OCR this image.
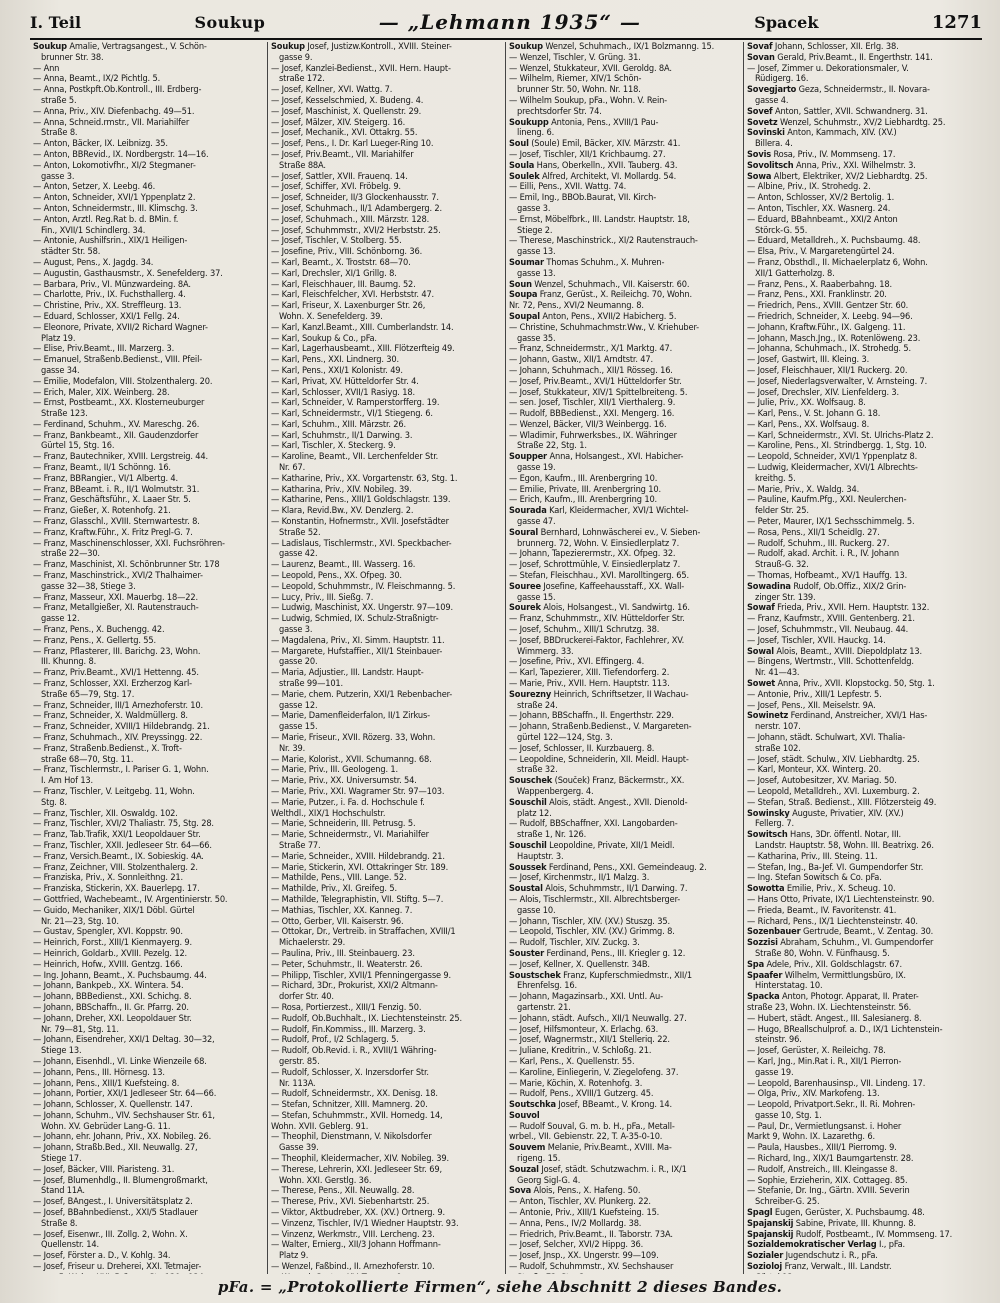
I. Teil	Soukup	— „Lehmann 1935“ —	Spacek	1271
Soukup Amalie, Vertragsangest., V. Schön-
brunner Str. 38.
— Ann
— Anna, Beamt., IX/2 Pichtlg. 5.
— Anna, Postkpft.Ob.Kontroll., III. Erdberg-
straße 5.
— Anna, Priv., XIV. Diefenbachg. 49—51.
— Anna, Schneid.rmstr., VII. Mariahilfer
Straße 8.
— Anton, Bäcker, IX. Leibnizg. 35.
— Anton, BBRevid., IX. Nordbergstr. 14—16.
— Anton, Lokomotivfhr., XI/2 Stegmaner-
gasse 3.
— Anton, Setzer, X. Leebg. 46.
— Anton, Schneider, XVI/1 Yppenplatz 2.
— Anton, Schneidermstr., III. Klimschg. 3.
— Anton, Arztl. Reg.Rat b. d. BMin. f.
Fin., XVII/1 Schindlerg. 34.
— Antonie, Aushilfsrin., XIX/1 Heiligen-
städter Str. 58.
— August, Pens., X. Jagdg. 34.
— Augustin, Gasthausmstr., X. Senefelderg. 37.
— Barbara, Priv., VI. Münzwardeing. 8A.
— Charlotte, Priv., IX. Fuchsthallerg. 4.
— Christine, Priv., XX. Streffleurg. 13.
— Eduard, Schlosser, XXI/1 Fellg. 24.
— Eleonore, Private, XVII/2 Richard Wagner-
Platz 19.
— Elise, Priv.Beamt., III. Marzerg. 3.
— Emanuel, Straßenb.Bedienst., VIII. Pfeil-
gasse 34.
— Emilie, Modefalon, VIII. Stolzenthalerg. 20.
— Erich, Maler, XIX. Weinberg. 28.
— Ernst, Postbeamt., XX. Klosterneuburger
Straße 123.
— Ferdinand, Schuhm., XV. Mareschg. 26.
— Franz, Bankbeamt., XII. Gaudenzdorfer
Gürtel 15, Stg. 16.
— Franz, Bautechniker, XVIII. Lergstreig. 44.
— Franz, Beamt., II/1 Schönng. 16.
— Franz, BBRangier., VI/1 Albertg. 4.
— Franz, BBeamt. i. R., II/1 Wolmutstr. 31.
— Franz, Geschäftsführ., X. Laaer Str. 5.
— Franz, Gießer, X. Rotenhofg. 21.
— Franz, Glasschl., XVIII. Sternwartestr. 8.
— Franz, Kraftw.Führ., X. Fritz Pregl-G. 7.
— Franz, Maschinenschlosser, XXI. Fuchsröhren-
straße 22—30.
— Franz, Maschinist, XI. Schönbrunner Str. 178
— Franz, Maschinstrick., XVI/2 Thalhaimer-
gasse 32—38, Stiege 3.
— Franz, Masseur, XXI. Mauerbg. 18—22.
— Franz, Metallgießer, XI. Rautenstrauch-
gasse 12.
— Franz, Pens., X. Buchengg. 42.
— Franz, Pens., X. Gellertg. 55.
— Franz, Pflasterer, III. Barichg. 23, Wohn.
III. Khunng. 8.
— Franz, Priv.Beamt., XVI/1 Hettenng. 45.
— Franz, Schlosser, XXI. Erzherzog Karl-
Straße 65—79, Stg. 17.
— Franz, Schneider, III/1 Arnezhoferstr. 10.
— Franz, Schneider, X. Waldmüllerg. 8.
— Franz, Schneider, XVIII/1 Hildebrandg. 21.
— Franz, Schuhmach., XIV. Preyssingg. 22.
— Franz, Straßenb.Bedienst., X. Troft-
straße 68—70, Stg. 11.
— Franz, Tischlermstr., I. Pariser G. 1, Wohn.
I. Am Hof 13.
— Franz, Tischler, V. Leitgebg. 11, Wohn.
Stg. 8.
— Franz, Tischler, XII. Oswaldg. 102.
— Franz, Tischler, XVI/2 Thaliastr. 75, Stg. 28.
— Franz, Tab.Trafik, XXI/1 Leopoldauer Str.
— Franz, Tischler, XXII. Jedleseer Str. 64—66.
— Franz, Versich.Beamt., IX. Sobieskig. 4A.
— Franz, Zeichner, VIII. Stolzenthalerg. 2.
— Franziska, Priv., X. Sonnleithng. 21.
— Franziska, Stickerin, XX. Bauerlepg. 17.
— Gottfried, Wachebeamt., IV. Argentinierstr. 50.
— Guido, Mechaniker, XIX/1 Döbl. Gürtel
Nr. 21—23, Stg. 10.
— Gustav, Spengler, XVI. Koppstr. 90.
— Heinrich, Forst., XIII/1 Kienmayerg. 9.
— Heinrich, Goldarb., XVIII. Pezelg. 12.
— Heinrich, Hofw., XVIII. Gentzg. 166.
— Ing. Johann, Beamt., X. Puchsbaumg. 44.
— Johann, Bankpeb., XX. Wintera. 54.
— Johann, BBBedienst., XXI. Schichg. 8.
— Johann, BBSchaffn., II. Gr. Pfarrg. 20.
— Johann, Dreher, XXI. Leopoldauer Str.
Nr. 79—81, Stg. 11.
— Johann, Eisendreher, XXI/1 Deltag. 30—32,
Stiege 13.
— Johann, Eisenhdl., VI. Linke Wienzeile 68.
— Johann, Pens., III. Hörnesg. 13.
— Johann, Pens., XIII/1 Kuefsteing. 8.
— Johann, Portier, XXI/1 Jedleseer Str. 64—66.
— Johann, Schlosser, X. Quellenstr. 147.
— Johann, Schuhm., VIV. Sechshauser Str. 61,
Wohn. XV. Gebrüder Lang-G. 11.
— Johann, ehr. Johann, Priv., XX. Nobileg. 26.
— Johann, Straßb.Bed., XII. Neuwallg. 27,
Stiege 17.
— Josef, Bäcker, VIII. Piaristeng. 31.
— Josef, Blumenhdlg., II. Blumengroßmarkt,
Stand 11A.
— Josef, BAngest., I. Universitätsplatz 2.
— Josef, BBahnbedienst., XXI/5 Stadlauer
Straße 8.
— Josef, Eisenwr., III. Zollg. 2, Wohn. X.
Quellenstr. 14.
— Josef, Förster a. D., V. Kohlg. 34.
— Josef, Friseur u. Dreherei, XXI. Tetmajer-
Soukup Josef, Justizw.Kontroll., XVIII. Steiner-
gasse 9.
— Josef, Kanzlei-Bedienst., XVII. Hern. Haupt-
straße 172.
— Josef, Kellner, XVI. Wattg. 7.
— Josef, Kesselschmied, X. Budeng. 4.
— Josef, Maschinist, X. Quellenstr. 29.
— Josef, Mälzer, XIV. Steigerg. 16.
— Josef, Mechanik., XVI. Ottakrg. 55.
— Josef, Pens., I. Dr. Karl Lueger-Ring 10.
— Josef, Priv.Beamt., VII. Mariahilfer
Straße 88A.
— Josef, Sattler, XVII. Frauenq. 14.
— Josef, Schiffer, XVI. Fröbelg. 9.
— Josef, Schneider, II/3 Glockenhausstr. 7.
— Josef, Schuhmach., II/1 Adambergerg. 2.
— Josef, Schuhmach., XIII. Märzstr. 128.
— Josef, Schuhmmstr., XVI/2 Herbststr. 25.
— Josef, Tischler, V. Stolberg. 55.
— Josefine, Priv., VIII. Schönborng. 36.
— Karl, Beamt., X. Troststr. 68—70.
— Karl, Drechsler, XI/1 Grillg. 8.
— Karl, Fleischhauer, III. Baumg. 52.
— Karl, Fleischfelcher, XVI. Herbststr. 47.
— Karl, Friseur, X. Laxenburger Str. 26,
Wohn. X. Senefelderg. 39.
— Karl, Kanzl.Beamt., XIII. Cumberlandstr. 14.
— Karl, Soukup & Co., pFa.
— Karl, Lagerhausbeamt., XIII. Flötzerfteig 49.
— Karl, Pens., XXI. Lindnerg. 30.
— Karl, Pens., XXI/1 Kolonistr. 49.
— Karl, Privat, XV. Hütteldorfer Str. 4.
— Karl, Schlosser, XVII/1 Rasiyg. 18.
— Karl, Schneider, V. Ramperstorfferg. 19.
— Karl, Schneidermstr., VI/1 Stiegeng. 6.
— Karl, Schuhm., XIII. Märzstr. 26.
— Karl, Schuhmstr., II/1 Darwing. 3.
— Karl, Tischler, X. Steckerg. 9.
— Karoline, Beamt., VII. Lerchenfelder Str.
Nr. 67.
— Katharine, Priv., XX. Vorgartenstr. 63, Stg. 1.
— Katharina, Priv., XIV. Nobileg. 39.
— Katharine, Pens., XIII/1 Goldschlagstr. 139.
— Klara, Revid.Bw., XV. Denzlerg. 2.
— Konstantin, Hofnermstr., XVII. Josefstädter
Straße 52.
— Ladislaus, Tischlermstr., XVI. Speckbacher-
gasse 42.
— Laurenz, Beamt., III. Wasserg. 16.
— Leopold, Pens., XX. Ofpeg. 30.
— Leopold, Schuhmmstr., IV. Fleischmanng. 5.
— Lucy, Priv., III. Sießg. 7.
— Ludwig, Maschinist, XX. Ungerstr. 97—109.
— Ludwig, Schmied, IX. Schulz-Straßnigtr-
gasse 3.
— Magdalena, Priv., XI. Simm. Hauptstr. 11.
— Margarete, Hufstaffier., XII/1 Steinbauer-
gasse 20.
— Maria, Adjustier., III. Landstr. Haupt-
straße 99—101.
— Marie, chem. Putzerin, XXI/1 Rebenbacher-
gasse 12.
— Marie, Damenfleiderfalon, II/1 Zirkus-
gasse 15.
— Marie, Friseur., XVII. Rözerg. 33, Wohn.
Nr. 39.
— Marie, Kolorist., XVII. Schumanng. 68.
— Marie, Priv., III. Geologeng. 1.
— Marie, Priv., XX. Universumstr. 54.
— Marie, Priv., XXI. Wagramer Str. 97—103.
— Marie, Putzer., i. Fa. d. Hochschule f.
Welthdl., XIX/1 Hochschulstr.
— Marie, Schneiderin, III. Petrusg. 5.
— Marie, Schneidermstr., VI. Mariahilfer
Straße 77.
— Marie, Schneider., XVIII. Hildebrandg. 21.
— Marie, Stickerin, XVI. Ottakringer Str. 189.
— Mathilde, Pens., VIII. Lange. 52.
— Mathilde, Priv., XI. Greifeg. 5.
— Mathilde, Telegraphistin, VII. Stiftg. 5—7.
— Mathias, Tischler, XX. Kanneg. 7.
— Otto, Gerber, VII. Kaiserstr. 96.
— Ottokar, Dr., Vertreib. in Straffachen, XVIII/1
Michaelerstr. 29.
— Paulina, Priv., III. Steinbauerg. 23.
— Peter, Schuhmstr., II. Weaterstr. 26.
— Philipp, Tischler, XVII/1 Pfenningergasse 9.
— Richard, 3Dr., Prokurist, XXI/2 Altmann-
dorfer Str. 40.
— Rosa, Portierzest., XIII/1 Fenzig. 50.
— Rudolf, Ob.Buchhalt., IX. Liechtensteinstr. 25.
— Rudolf, Fin.Kommiss., III. Marzerg. 3.
— Rudolf, Prof., I/2 Schlagerg. 5.
— Rudolf, Ob.Revid. i. R., XVIII/1 Währing-
gerstr. 85.
— Rudolf, Schlosser, X. Inzersdorfer Str.
Nr. 113A.
— Rudolf, Schneidermstr., XX. Denisg. 18.
— Stefan, Schnitzer, XIII. Mamnerg. 20.
— Stefan, Schuhmmstr., XVII. Hornedg. 14,
Wohn. XVII. Geblerg. 91.
— Theophil, Dienstmann, V. Nikolsdorfer
Gasse 39.
— Theophil, Kleidermacher, XIV. Nobileg. 39.
— Therese, Lehrerin, XXI. Jedleseer Str. 69,
Wohn. XXI. Gerstlg. 36.
— Therese, Pens., XII. Neuwallg. 28.
— Therese, Priv., XVI. Siebenhartstr. 25.
— Viktor, Aktbudreber, XX. (XV.) Ortnerg. 9.
— Vinzenz, Tischler, IV/1 Wiedner Hauptstr. 93.
— Vinzenz, Werkmstr., VIII. Lercheng. 23.
— Walter, Ernierg., XII/3 Johann Hoffmann-
Platz 9.
— Wenzel, Faßbind., II. Arnezhoferstr. 10.
Soukup Wenzel, Schuhmach., IX/1 Bolzmanng. 15.
— Wenzel, Tischler, V. Grüng. 31.
— Wenzel, Stukkateur, XVII. Geroldg. 8A.
— Wilhelm, Riemer, XIV/1 Schön-
brunner Str. 50, Wohn. Nr. 118.
— Wilhelm Soukup, pFa., Wohn. V. Rein-
prechtsdorfer Str. 74.
Soukupp Antonia, Pens., XVIII/1 Pau-
lineng. 6.
Soul (Soule) Emil, Bäcker, XIV. Märzstr. 41.
— Josef, Tischler, XII/1 Krichbaumg. 27.
Soula Hans, Oberkelln., XVII. Tauberg. 43.
Soulek Alfred, Architekt, VI. Mollardg. 54.
— Eilli, Pens., XVII. Wattg. 74.
— Emil, Ing., BBOb.Baurat, VII. Kirch-
gasse 3.
— Ernst, Möbelfbrk., III. Landstr. Hauptstr. 18,
Stiege 2.
— Therese, Maschinstrick., XI/2 Rautenstrauch-
gasse 13.
Soumar Thomas Schuhm., X. Muhren-
gasse 13.
Soun Wenzel, Schuhmach., VII. Kaiserstr. 60.
Soupa Franz, Gerüst., X. Reileichg. 70, Wohn.
Nr. 72, Pens., XVI/2 Neumanng. 8.
Soupal Anton, Pens., XVII/2 Habicherg. 5.
— Christine, Schuhmachmstr.Ww., V. Kriehuber-
gasse 35.
— Franz, Schneidermstr., X/1 Marktg. 47.
— Johann, Gastw., XII/1 Arndtstr. 47.
— Johann, Schuhmach., XII/1 Rösseg. 16.
— Josef, Priv.Beamt., XVI/1 Hütteldorfer Str.
— Josef, Stukkateur, XIV/1 Spittelbreiteng. 5.
— sen. Josef, Tischler, XII/1 Vierthalerg. 9.
— Rudolf, BBBedienst., XXI. Mengerg. 16.
— Wenzel, Bäcker, VII/3 Weinbergg. 16.
— Wladimir, Fuhrwerksbes., IX. Währinger
Straße 22, Stg. 1.
Soupper Anna, Holsangest., XVI. Habicher-
gasse 19.
— Egon, Kaufm., III. Arenbergring 10.
— Emilie, Private, III. Arenbergring 10.
— Erich, Kaufm., III. Arenbergring 10.
Sourada Karl, Kleidermacher, XVI/1 Wichtel-
gasse 47.
Soural Bernhard, Lohnwäscherei ev., V. Sieben-
brunnerg. 72, Wohn. V. Einsiedlerplatz 7.
— Johann, Tapezierermstr., XX. Ofpeg. 32.
— Josef, Schrottmühle, V. Einsiedlerplatz 7.
— Stefan, Fleischhau., XVI. Marolltingerg. 65.
Souree Josefine, Kaffeehausstaff., XX. Wall-
gasse 15.
Sourek Alois, Holsangest., VI. Sandwirtg. 16.
— Franz, Schuhmmstr., XIV. Hütteldorfer Str.
— Josef, Schuhm., XIII/1 Schrutzg. 38.
— Josef, BBDruckerei-Faktor, Fachlehrer, XV.
Wimmerg. 33.
— Josefine, Priv., XVI. Effingerg. 4.
— Karl, Tapezierer, XIII. Tiefendorferg. 2.
— Marie, Priv., XVII. Hern. Hauptstr. 113.
Sourezny Heinrich, Schriftsetzer, II Wachau-
straße 24.
— Johann, BBSchaffn., II. Engerthstr. 229.
— Johann, Straßenb.Bedienst., V. Margareten-
gürtel 122—124, Stg. 3.
— Josef, Schlosser, II. Kurzbauerg. 8.
— Leopoldine, Schneiderin, XII. Meidl. Haupt-
straße 32.
Souschek (Souček) Franz, Bäckermstr., XX.
Wappenbergerg. 4.
Souschil Alois, städt. Angest., XVII. Dienold-
platz 12.
— Rudolf, BBSchaffner, XXI. Langobarden-
straße 1, Nr. 126.
Souschil Leopoldine, Private, XII/1 Meidl.
Hauptstr. 3.
Soussek Ferdinand, Pens., XXI. Gemeindeaug. 2.
— Josef, Kirchenmstr., II/1 Malzg. 3.
Soustal Alois, Schuhmmstr., II/1 Darwing. 7.
— Alois, Tischlermstr., XII. Albrechtsberger-
gasse 10.
— Johann, Tischler, XIV. (XV.) Stuszg. 35.
— Leopold, Tischler, XIV. (XV.) Grimmg. 8.
— Rudolf, Tischler, XIV. Zuckg. 3.
Souster Ferdinand, Pens., III. Kriegler g. 12.
— Josef, Kellner, X. Quellenstr. 34B.
Soustschek Franz, Kupferschmiedmstr., XII/1
Ehrenfelsg. 16.
— Johann, Magazinsarb., XXI. Untl. Au-
gartenstr. 21.
— Johann, städt. Aufsch., XII/1 Neuwallg. 27.
— Josef, Hilfsmonteur, X. Erlachg. 63.
— Josef, Wagnermstr., XII/1 Stelleriq. 22.
— Juliane, Kreditrin., V. Schloßg. 21.
— Karl, Pens., X. Quellenstr. 55.
— Karoline, Einliegerin, V. Ziegelofeng. 37.
— Marie, Köchin, X. Rotenhofg. 3.
— Rudolf, Pens., XVIII/1 Gutzerg. 45.
Soutschka Josef, BBeamt., V. Krong. 14.
Souvol
— Rudolf Souval, G. m. b. H., pFa., Metall-
wrbel., VII. Gebienstr. 22, T. A-35-0-10.
Souvem Melanie, Priv.Beamt., XVIII. Ma-
rigeng. 15.
Souzal Josef, städt. Schutzwachm. i. R., IX/1
Georg Sigl-G. 4.
Sova Alois, Pens., X. Hafeng. 50.
— Anton, Tischler, XV. Plunkerg. 22.
— Antonie, Priv., XIII/1 Kuefsteing. 15.
— Anna, Pens., IV/2 Mollardg. 38.
— Friedrich, Priv.Beamt., II. Taborstr. 73A.
— Josef, Selcher, XVI/2 Hippg. 36.
— Josef, Jnsp., XX. Ungerstr. 99—109.
— Rudolf, Schuhmmstr., XV. Sechshauser
Sovaf Johann, Schlosser, XII. Erlg. 38.
Sovan Gerald, Priv.Beamt., II. Engerthstr. 141.
— Josef, Zimmer u. Dekorationsmaler, V.
Rüdigerg. 16.
Sovegjarto Geza, Schneidermstr., II. Novara-
gasse 4.
Sovef Anton, Sattler, XVII. Schwandnerg. 31.
Sovetz Wenzel, Schuhmstr., XV/2 Liebhardtg. 25.
Sovinski Anton, Kammach, XIV. (XV.)
Billera. 4.
Sovis Rosa, Priv., IV. Mommseng. 17.
Sovolitsch Anna, Priv., XXI. Wilhelmstr. 3.
Sowa Albert, Elektriker, XV/2 Liebhardtg. 25.
— Albine, Priv., IX. Strohedg. 2.
— Anton, Schlosser, XV/2 Bertolig. 1.
— Anton, Tischler, XX. Wasnerg. 24.
— Eduard, BBahnbeamt., XXI/2 Anton
Störck-G. 55.
— Eduard, Metalldreh., X. Puchsbaumg. 48.
— Elsa, Priv., V. Margaretengürtel 24.
— Franz, Obsthdl., II. Michaelerplatz 6, Wohn.
XII/1 Gatterholzg. 8.
— Franz, Pens., X. Raaberbahng. 18.
— Franz, Pens., XXI. Franklinstr. 20.
— Friedrich, Pens., XVIII. Gentzer Str. 60.
— Friedrich, Schneider, X. Leebg. 94—96.
— Johann, Kraftw.Führ., IX. Galgeng. 11.
— Johann, Masch.Jng., IX. Rotenlöweng. 23.
— Johanna, Schuhmach., IX. Strohedg. 5.
— Josef, Gastwirt, III. Kleing. 3.
— Josef, Fleischhauer, XII/1 Ruckerg. 20.
— Josef, Niederlagsverwalter, V. Arnsteing. 7.
— Josef, Drechsler, XIV. Lienfelderg. 3.
— Julie, Priv., XX. Wolfsaug. 8.
— Karl, Pens., V. St. Johann G. 18.
— Karl, Pens., XX. Wolfsaug. 8.
— Karl, Schneidermstr., XVI. St. Ulrichs-Platz 2.
— Karoline, Pens., XI. Strindbergg. 1, Stg. 10.
— Leopold, Schneider, XVI/1 Yppenplatz 8.
— Ludwig, Kleidermacher, XVI/1 Albrechts-
kreithg. 5.
— Marie, Priv., X. Waldg. 34.
— Pauline, Kaufm.Pfg., XXI. Neulerchen-
felder Str. 25.
— Peter, Maurer, IX/1 Sechsschimmelg. 5.
— Rosa, Pens., XII/1 Scheidlg. 27.
— Rudolf, Schuhm., III. Ruckerg. 27.
— Rudolf, akad. Archit. i. R., IV. Johann
Strauß-G. 32.
— Thomas, Hofbeamt., XV/1 Hauffg. 13.
Sowadina Rudolf, Ob.Offiz., XIX/2 Grin-
zinger Str. 139.
Sowaf Frieda, Priv., XVII. Hern. Hauptstr. 132.
— Franz, Kaufmstr., XVIII. Gentenberg. 21.
— Josef, Schuhmmstr., VII. Neubaug. 44.
— Josef, Tischler, XVII. Hauckg. 14.
Sowal Alois, Beamt., XVIII. Diepoldplatz 13.
— Bingens, Wertmstr., VIII. Schottenfeldg.
Nr. 41—43.
Sowet Anna, Priv., XVII. Klopstockg. 50, Stg. 1.
— Antonie, Priv., XIII/1 Lepfestr. 5.
— Josef, Pens., XII. Meiselstr. 9A.
Sowinetz Ferdinand, Anstreicher, XVI/1 Has-
nerstr. 107.
— Johann, städt. Schulwart, XVI. Thalia-
straße 102.
— Josef, städt. Schulw., XIV. Liebhardtg. 25.
— Karl, Monteur, XX. Winterg. 20.
— Josef, Autobesitzer, XV. Mariag. 50.
— Leopold, Metalldreh., XVI. Luxemburg. 2.
— Stefan, Straß. Bedienst., XIII. Flötzersteig 49.
Sowinsky Auguste, Privatier, XIV. (XV.)
Fellerg. 7.
Sowitsch Hans, 3Dr. öffentl. Notar, III.
Landstr. Hauptstr. 58, Wohn. III. Beatrixg. 26.
— Katharina, Priv., III. Steing. 11.
— Stefan, Ing., Ba-Jef. VI. Gumpendorfer Str.
— Ing. Stefan Sowitsch & Co. pFa.
Sowotta Emilie, Priv., X. Scheug. 10.
— Hans Otto, Private, IX/1 Liechtensteinstr. 90.
— Frieda, Beamt., IV. Favoritenstr. 41.
— Richard, Pens., IX/1 Liechtensteinstr. 40.
Sozenbauer Gertrude, Beamt., V. Zentag. 30.
Sozzisi Abraham, Schuhm., VI. Gumpendorfer
Straße 80, Wohn. V. Fünfhausg. 5.
Spa Adele, Priv., XII. Goldschlagstr. 67.
Spaafer Wilhelm, Vermittlungsbüro, IX.
Hinterstatag. 10.
Spacka Anton, Photogr. Apparat, II. Prater-
straße 23, Wohn. IX. Liechtensteinstr. 56.
— Hubert, städt. Angest., III. Salesianerg. 8.
— Hugo, BReallschulprof. a. D., IX/1 Lichtenstein-
steinstr. 96.
— Josef, Gerüster, X. Reileichg. 78.
— Karl, Jng., Min.Rat i. R., XII/1 Pierron-
gasse 19.
— Leopold, Barenhausinsp., VII. Lindeng. 17.
— Olga, Priv., XIV. Markofeng. 13.
— Leopold, Privatport.Sekr., II. Ri. Mohren-
gasse 10, Stg. 1.
— Paul, Dr., Vermietlungsanst. i. Hoher
Markt 9, Wohn. IX. Lazarethg. 6.
— Paula, Hausbes., XIII/1 Pierromg. 9.
— Richard, Ing., XIX/1 Baumgartenstr. 28.
— Rudolf, Anstreich., III. Kleingasse 8.
— Sophie, Erzieherin, XIX. Cottageg. 85.
— Stefanie, Dr. Ing., Gärtn. XVIII. Severin
Schreiber-G. 25.
Spagl Eugen, Gerüster, X. Puchsbaumg. 48.
Spajanskij Sabine, Private, III. Khunng. 8.
Spajanskij Rudolf, Postbeamt., IV. Mommseng. 17.
Sozialdemokratischer Verlag I., pFa.
Sozialer Jugendschutz i. R., pFa.
Sozioloj Franz, Verwalt., III. Landstr.
pFa. = „Protokollierte Firmen“, siehe Abschnitt 2 dieses Bandes.
